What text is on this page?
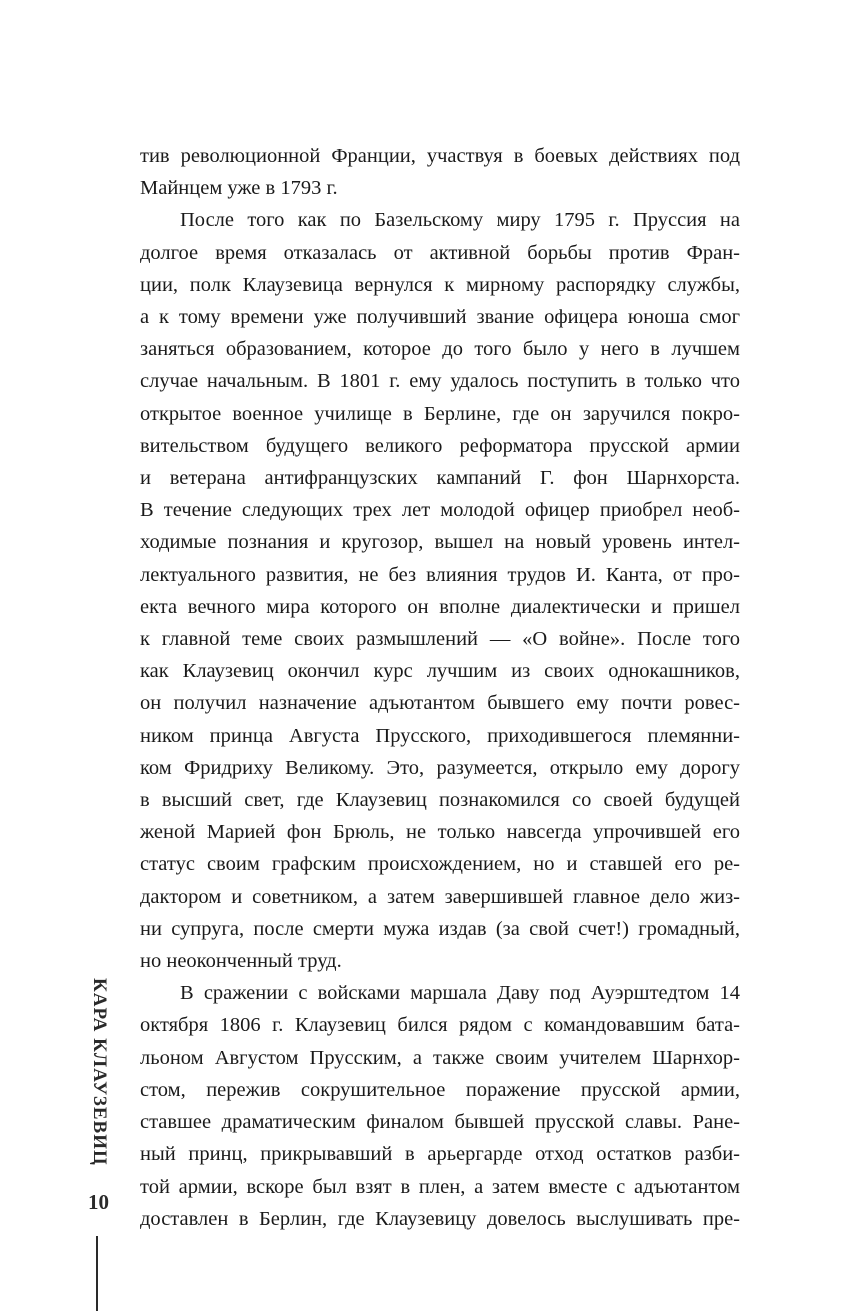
тив революционной Франции, участвуя в боевых действиях под

Майнцем уже в 1793 г.

После того как по Базельскому миру 1795 г. Пруссия на

долгое время отказалась от активной борьбы против Фран-

ции, полк Клаузевица вернулся к мирному распорядку службы,

а к тому времени уже получивший звание офицера юноша смог

заняться образованием, которое до того было у него в лучшем

случае начальным. В 1801 г. ему удалось поступить в только что

открытое военное училище в Берлине, где он заручился покро-

вительством будущего великого реформатора прусской армии

и ветерана антифранцузских кампаний Г. фон Шарнхорста.

В течение следующих трех лет молодой офицер приобрел необ-

ходимые познания и кругозор, вышел на новый уровень интел-

лектуального развития, не без влияния трудов И. Канта, от про-

екта вечного мира которого он вполне диалектически и пришел

к главной теме своих размышлений — «О войне». После того

как Клаузевиц окончил курс лучшим из своих однокашников,

он получил назначение адъютантом бывшего ему почти ровес-

ником принца Августа Прусского, приходившегося племянни-

ком Фридриху Великому. Это, разумеется, открыло ему дорогу

в высший свет, где Клаузевиц познакомился со своей будущей

женой Марией фон Брюль, не только навсегда упрочившей его

статус своим графским происхождением, но и ставшей его ре-

дактором и советником, а затем завершившей главное дело жиз-

ни супруга, после смерти мужа издав (за свой счет!) громадный,

но неоконченный труд.

В сражении с войсками маршала Даву под Ауэрштедтом 14

октября 1806 г. Клаузевиц бился рядом с командовавшим бата-

льоном Августом Прусским, а также своим учителем Шарнхор-

стом, пережив сокрушительное поражение прусской армии,

ставшее драматическим финалом бывшей прусской славы. Ране-

ный принц, прикрывавший в арьергарде отход остатков разби-

той армии, вскоре был взят в плен, а затем вместе с адъютантом

доставлен в Берлин, где Клаузевицу довелось выслушивать пре-

КАРА КЛАУЗЕВИЦ
10
